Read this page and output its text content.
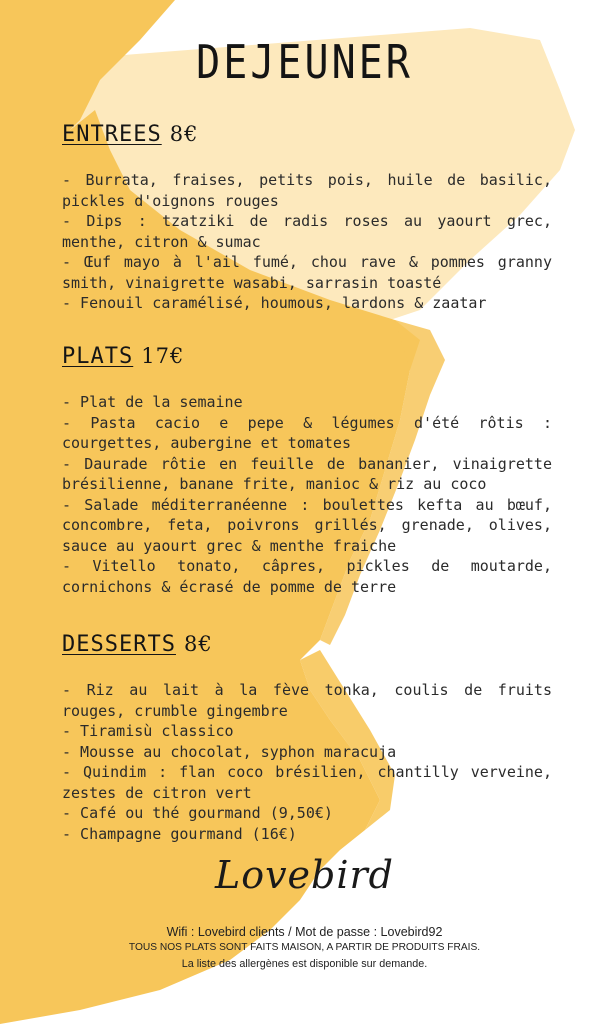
DEJEUNER
ENTREES 8€

- Burrata, fraises, petits pois, huile de basilic, pickles d'oignons rouges

- Dips : tzatziki de radis roses au yaourt grec, menthe, citron & sumac

- Œuf mayo à l'ail fumé, chou rave & pommes granny smith, vinaigrette wasabi, sarrasin toasté

- Fenouil caramélisé, houmous, lardons & zaatar

PLATS 17€

- Plat de la semaine

- Pasta cacio e pepe & légumes d'été rôtis : courgettes, aubergine et tomates

- Daurade rôtie en feuille de bananier, vinaigrette brésilienne, banane frite, manioc & riz au coco

- Salade méditerranéenne : boulettes kefta au bœuf, concombre, feta, poivrons grillés, grenade, olives, sauce au yaourt grec & menthe fraiche

- Vitello tonato, câpres, pickles de moutarde, cornichons & écrasé de pomme de terre

DESSERTS 8€

- Riz au lait à la fève tonka, coulis de fruits rouges, crumble gingembre

- Tiramisù classico

- Mousse au chocolat, syphon maracuja

- Quindim : flan coco brésilien, chantilly verveine, zestes de citron vert

- Café ou thé gourmand (9,50€)

- Champagne gourmand (16€)

Lovebird
Wifi : Lovebird clients / Mot de passe : Lovebird92
TOUS NOS PLATS SONT FAITS MAISON, A PARTIR DE PRODUITS FRAIS.
La liste des allergènes est disponible sur demande.
